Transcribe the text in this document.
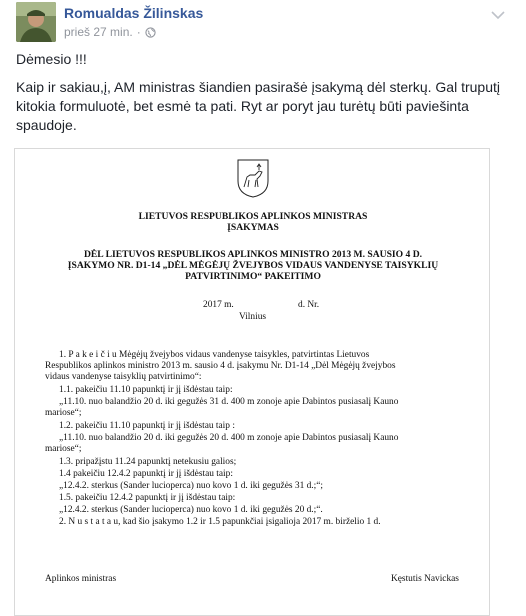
Romualdas Žilinskas
prieš 27 min. ·

Dėmesio !!!

Kaip ir sakiau,į, AM ministras šiandien pasirašė įsakymą dėl sterkų. Gal truputį kitokia formuluotė, bet esmė ta pati. Ryt ar poryt jau turėtų būti paviešinta spaudoje.

LIETUVOS RESPUBLIKOS APLINKOS MINISTRAS
ĮSAKYMAS
DĖL LIETUVOS RESPUBLIKOS APLINKOS MINISTRO 2013 M. SAUSIO 4 D.
ĮSAKYMO NR. D1-14 „DĖL MĖGĖJŲ ŽVEJYBOS VIDAUS VANDENYSE TAISYKLIŲ
PATVIRTINIMO“ PAKEITIMO
2017 m.	d. Nr.
Vilnius
1. P a k e i č i u Mėgėjų žvejybos vidaus vandenyse taisykles, patvirtintas Lietuvos
Respublikos aplinkos ministro 2013 m. sausio 4 d. įsakymu Nr. D1-14 „Dėl Mėgėjų žvejybos
vidaus vandenyse taisyklių patvirtinimo“:
1.1. pakeičiu 11.10 papunktį ir jį išdėstau taip:
„11.10. nuo balandžio 20 d. iki gegužės 31 d. 400 m zonoje apie Dabintos pusiasalį Kauno
mariose“;
1.2. pakeičiu 11.10 papunktį ir jį išdėstau taip :
„11.10. nuo balandžio 20 d. iki gegužės 20 d. 400 m zonoje apie Dabintos pusiasalį Kauno
mariose“;
1.3. pripažįstu 11.24 papunktį netekusiu galios;
1.4 pakeičiu 12.4.2 papunktį ir jį išdėstau taip:
„12.4.2. sterkus (Sander lucioperca) nuo kovo 1 d. iki gegužės 31 d.;“;
1.5. pakeičiu 12.4.2 papunktį ir jį išdėstau taip:
„12.4.2. sterkus (Sander lucioperca) nuo kovo 1 d. iki gegužės 20 d.;“.
2. N u s t a t a u, kad šio įsakymo 1.2 ir 1.5 papunkčiai įsigalioja 2017 m. birželio 1 d.
Aplinkos ministras	Kęstutis Navickas
